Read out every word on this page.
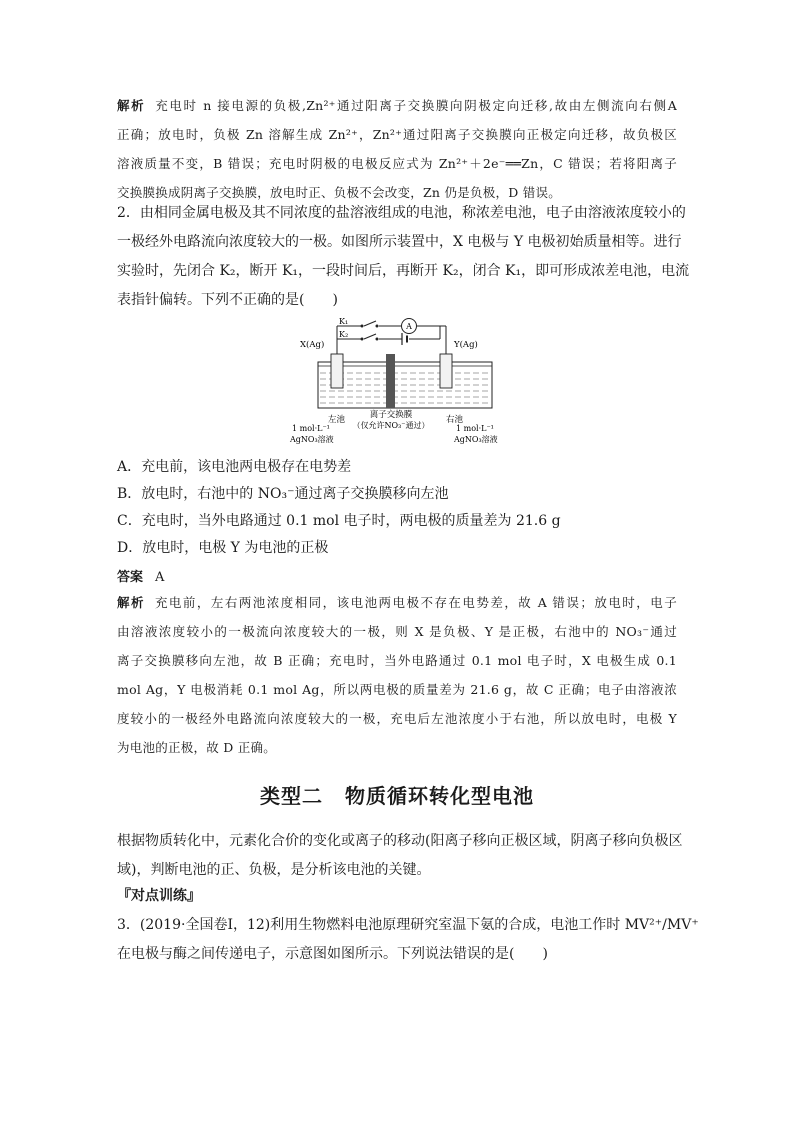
解析 充电时 n 接电源的负极,Zn²⁺通过阳离子交换膜向阴极定向迁移,故由左侧流向右侧A
正确；放电时，负极 Zn 溶解生成 Zn²⁺，Zn²⁺通过阳离子交换膜向正极定向迁移，故负极区
溶液质量不变，B 错误；充电时阴极的电极反应式为 Zn²⁺＋2e⁻══Zn，C 错误；若将阳离子
交换膜换成阴离子交换膜，放电时正、负极不会改变，Zn 仍是负极，D 错误。
2．由相同金属电极及其不同浓度的盐溶液组成的电池，称浓差电池，电子由溶液浓度较小的
一极经外电路流向浓度较大的一极。如图所示装置中，X 电极与 Y 电极初始质量相等。进行
实验时，先闭合 K₂，断开 K₁，一段时间后，再断开 K₂，闭合 K₁，即可形成浓差电池，电流
表指针偏转。下列不正确的是(　　)
K₁
K₂
A
X(Ag)	Y(Ag)
左池	右池
离子交换膜
（仅允许NO₃⁻通过）
1 mol·L⁻¹
AgNO₃溶液
1 mol·L⁻¹
AgNO₃溶液
A．充电前，该电池两电极存在电势差
B．放电时，右池中的 NO₃⁻通过离子交换膜移向左池
C．充电时，当外电路通过 0.1 mol 电子时，两电极的质量差为 21.6 g
D．放电时，电极 Y 为电池的正极
答案 A
解析 充电前，左右两池浓度相同，该电池两电极不存在电势差，故 A 错误；放电时，电子
由溶液浓度较小的一极流向浓度较大的一极，则 X 是负极、Y 是正极，右池中的 NO₃⁻通过
离子交换膜移向左池，故 B 正确；充电时，当外电路通过 0.1 mol 电子时，X 电极生成 0.1
mol Ag，Y 电极消耗 0.1 mol Ag，所以两电极的质量差为 21.6 g，故 C 正确；电子由溶液浓
度较小的一极经外电路流向浓度较大的一极，充电后左池浓度小于右池，所以放电时，电极 Y
为电池的正极，故 D 正确。
类型二 物质循环转化型电池
根据物质转化中，元素化合价的变化或离子的移动(阳离子移向正极区域，阴离子移向负极区
域)，判断电池的正、负极，是分析该电池的关键。
『对点训练』
3．(2019·全国卷Ⅰ，12)利用生物燃料电池原理研究室温下氨的合成，电池工作时 MV²⁺/MV⁺
在电极与酶之间传递电子，示意图如图所示。下列说法错误的是(　　)
